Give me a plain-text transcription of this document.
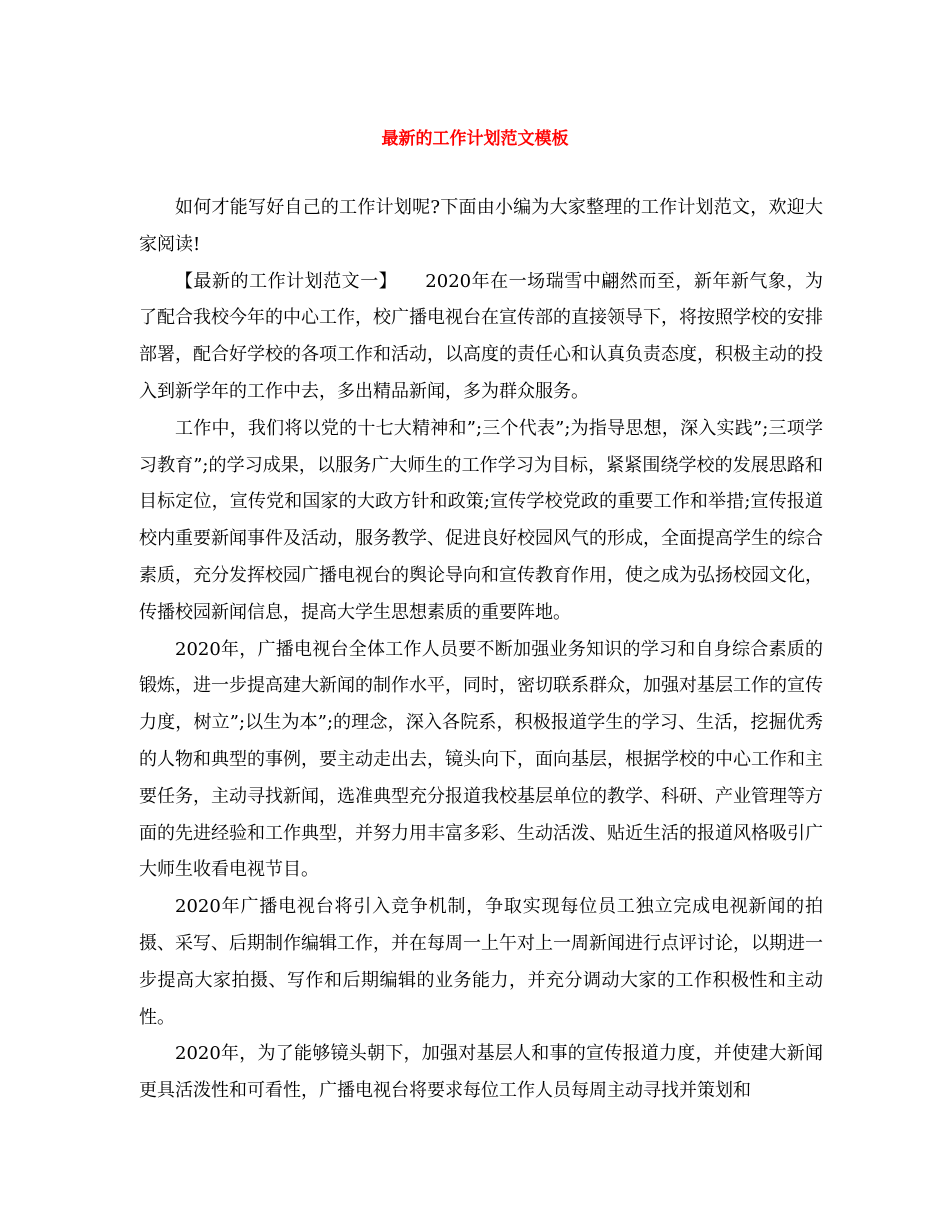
最新的工作计划范文模板

如何才能写好自己的工作计划呢?下面由小编为大家整理的工作计划范文，欢迎大家阅读!

【最新的工作计划范文一】　　2020年在一场瑞雪中翩然而至，新年新气象，为了配合我校今年的中心工作，校广播电视台在宣传部的直接领导下，将按照学校的安排部署，配合好学校的各项工作和活动，以高度的责任心和认真负责态度，积极主动的投入到新学年的工作中去，多出精品新闻，多为群众服务。

工作中，我们将以党的十七大精神和”;三个代表”;为指导思想，深入实践”;三项学习教育”;的学习成果，以服务广大师生的工作学习为目标，紧紧围绕学校的发展思路和目标定位，宣传党和国家的大政方针和政策;宣传学校党政的重要工作和举措;宣传报道校内重要新闻事件及活动，服务教学、促进良好校园风气的形成，全面提高学生的综合素质，充分发挥校园广播电视台的舆论导向和宣传教育作用，使之成为弘扬校园文化，传播校园新闻信息，提高大学生思想素质的重要阵地。

2020年，广播电视台全体工作人员要不断加强业务知识的学习和自身综合素质的锻炼，进一步提高建大新闻的制作水平，同时，密切联系群众，加强对基层工作的宣传力度，树立”;以生为本”;的理念，深入各院系，积极报道学生的学习、生活，挖掘优秀的人物和典型的事例，要主动走出去，镜头向下，面向基层，根据学校的中心工作和主要任务，主动寻找新闻，选准典型充分报道我校基层单位的教学、科研、产业管理等方面的先进经验和工作典型，并努力用丰富多彩、生动活泼、贴近生活的报道风格吸引广大师生收看电视节目。

2020年广播电视台将引入竞争机制，争取实现每位员工独立完成电视新闻的拍摄、采写、后期制作编辑工作，并在每周一上午对上一周新闻进行点评讨论，以期进一步提高大家拍摄、写作和后期编辑的业务能力，并充分调动大家的工作积极性和主动性。

2020年，为了能够镜头朝下，加强对基层人和事的宣传报道力度，并使建大新闻更具活泼性和可看性，广播电视台将要求每位工作人员每周主动寻找并策划和
